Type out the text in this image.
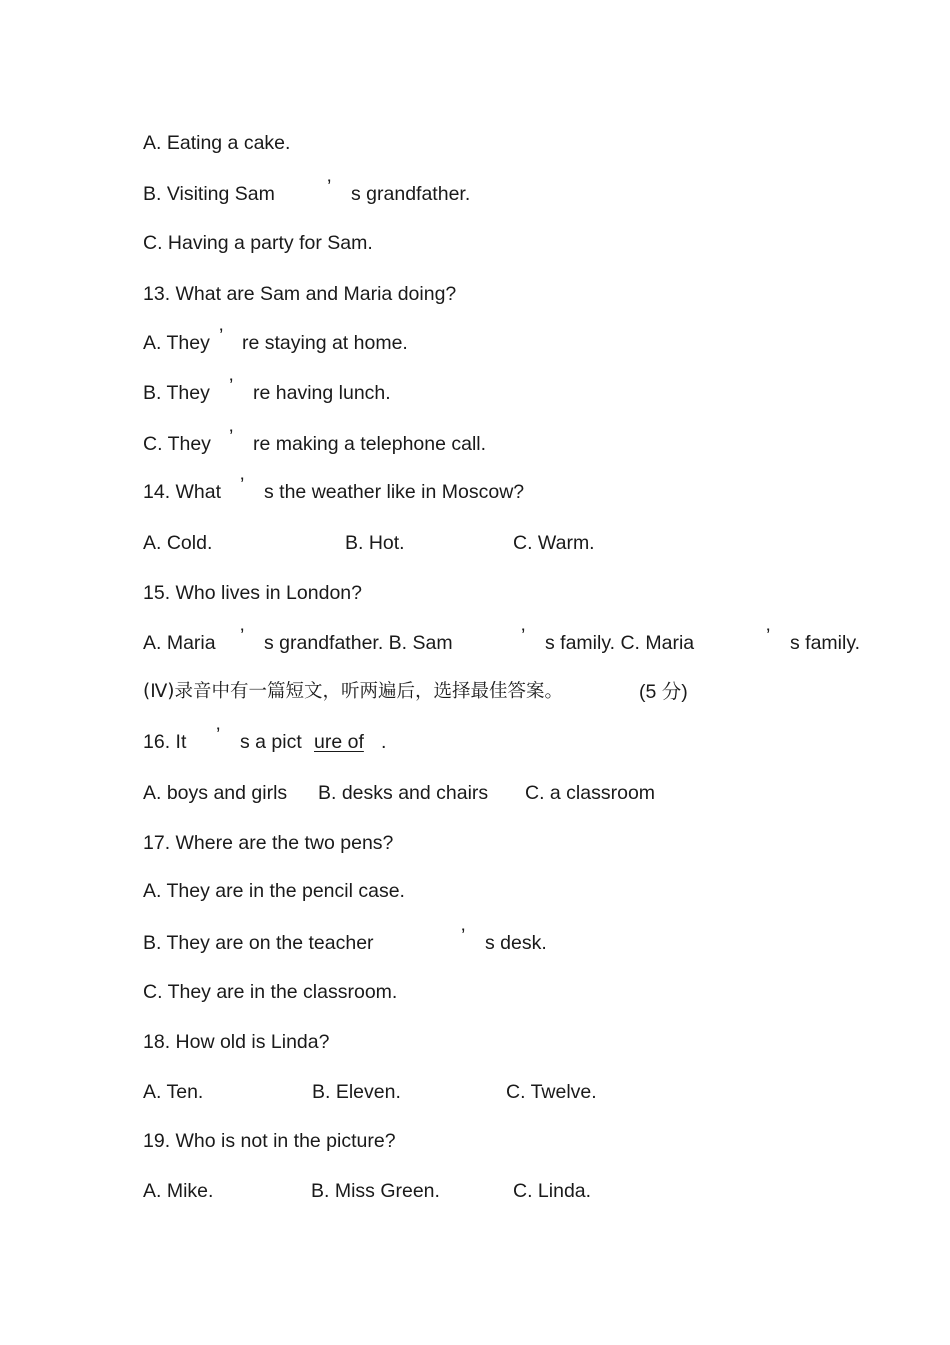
A. Eating a cake.
B. Visiting Sam	’ s grandfather.
C. Having a party for Sam.
13. What are Sam and Maria doing?
A. They ’ re staying at home.
B. They ’ re having lunch.
C. They ’ re making a telephone call.
14. What ’ s the weather like in Moscow?
A. Cold.	B. Hot.	C. Warm.
15. Who lives in London?
A. Maria ’ s grandfather. B. Sam	’ s family. C. Maria	’ s family.
(Ⅳ)录音中有一篇短文，听两遍后，选择最佳答案。	(5 分)
16. It ’ s a pict ure of .
A. boys and girls B. desks and chairs C. a classroom
17. Where are the two pens?
A. They are in the pencil case.
B. They are on the teacher	’ s desk.
C. They are in the classroom.
18. How old is Linda?
A. Ten.	B. Eleven.	C. Twelve.
19. Who is not in the picture?
A. Mike.	B. Miss Green.	C. Linda.
